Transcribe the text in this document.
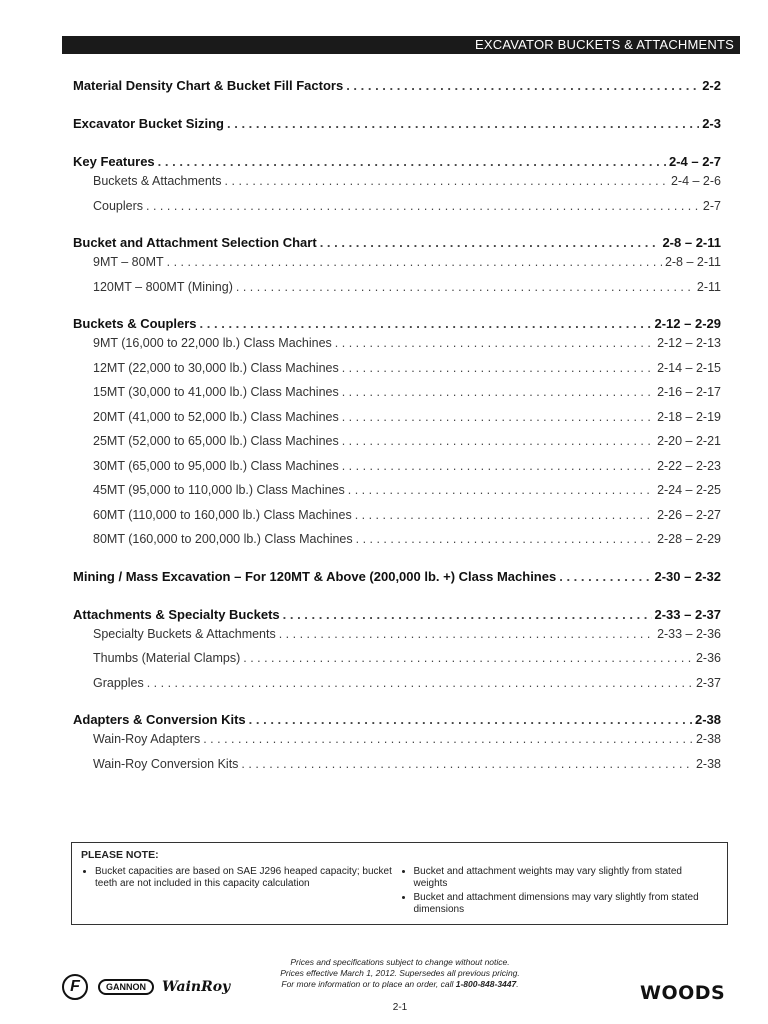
EXCAVATOR BUCKETS & ATTACHMENTS
Material Density Chart & Bucket Fill Factors . . .	2-2
Excavator Bucket Sizing . . .	2-3
Key Features . . .	2-4 – 2-7
Buckets & Attachments . . .	2-4 – 2-6
Couplers . . .	2-7
Bucket and Attachment Selection Chart . . .	2-8 – 2-11
9MT – 80MT . . .	2-8 – 2-11
120MT – 800MT (Mining) . . .	2-11
Buckets & Couplers . . .	2-12 – 2-29
9MT (16,000 to 22,000 lb.) Class Machines . . .	2-12 – 2-13
12MT (22,000 to 30,000 lb.) Class Machines . . .	2-14 – 2-15
15MT (30,000 to 41,000 lb.) Class Machines . . .	2-16 – 2-17
20MT (41,000 to 52,000 lb.) Class Machines . . .	2-18 – 2-19
25MT (52,000 to 65,000 lb.) Class Machines . . .	2-20 – 2-21
30MT (65,000 to 95,000 lb.) Class Machines . . .	2-22 – 2-23
45MT (95,000 to 110,000 lb.) Class Machines . . .	2-24 – 2-25
60MT (110,000 to 160,000 lb.) Class Machines . . .	2-26 – 2-27
80MT (160,000 to 200,000 lb.) Class Machines . . .	2-28 – 2-29
Mining / Mass Excavation – For 120MT & Above (200,000 lb. +) Class Machines . . .	2-30 – 2-32
Attachments & Specialty Buckets . . .	2-33 – 2-37
Specialty Buckets & Attachments . . .	2-33 – 2-36
Thumbs (Material Clamps) . . .	2-36
Grapples . . .	2-37
Adapters & Conversion Kits . . .	2-38
Wain-Roy Adapters . . .	2-38
Wain-Roy Conversion Kits . . .	2-38
PLEASE NOTE:
• Bucket capacities are based on SAE J296 heaped capacity; bucket teeth are not included in this capacity calculation
• Bucket and attachment weights may vary slightly from stated weights
• Bucket and attachment dimensions may vary slightly from stated dimensions
F	GANNON	WainRoy
Prices and specifications subject to change without notice.
Prices effective March 1, 2012. Supersedes all previous pricing.
For more information or to place an order, call 1-800-848-3447.
2-1
WOODS
